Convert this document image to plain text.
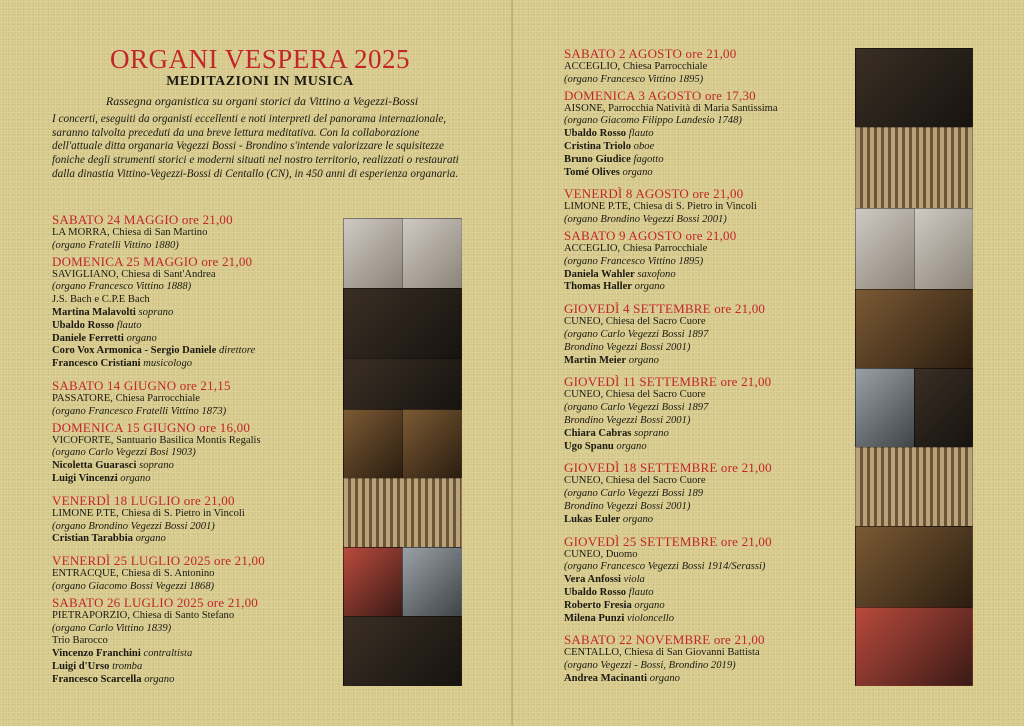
ORGANI VESPERA 2025
MEDITAZIONI IN MUSICA
Rassegna organistica su organi storici da Vittino a Vegezzi-Bossi
I concerti, eseguiti da organisti eccellenti e noti interpreti del panorama internazionale, saranno talvolta preceduti da una breve lettura meditativa. Con la collaborazione dell'attuale ditta organaria Vegezzi Bossi - Brondino s'intende valorizzare le squisitezze foniche degli strumenti storici e moderni situati nel nostro territorio, realizzati o restaurati dalla dinastia Vittino-Vegezzi-Bossi di Centallo (CN), in 450 anni di esperienza organaria.
SABATO 24 MAGGIO ore 21,00
LA MORRA, Chiesa di San Martino
(organo Fratelli Vittino 1880)
DOMENICA 25 MAGGIO ore 21,00
SAVIGLIANO, Chiesa di Sant'Andrea
(organo Francesco Vittino 1888)
J.S. Bach e C.P.E Bach
Martina Malavolti soprano
Ubaldo Rosso flauto
Daniele Ferretti organo
Coro Vox Armonica - Sergio Daniele direttore
Francesco Cristiani musicologo
SABATO 14 GIUGNO ore 21,15
PASSATORE, Chiesa Parrocchiale
(organo Francesco Fratelli Vittino 1873)
DOMENICA 15 GIUGNO ore 16,00
VICOFORTE, Santuario Basilica Montis Regalis
(organo Carlo Vegezzi Bosi 1903)
Nicoletta Guarasci soprano
Luigi Vincenzi organo
VENERDÌ 18 LUGLIO ore 21,00
LIMONE P.TE, Chiesa di S. Pietro in Vincoli
(organo Brondino Vegezzi Bossi 2001)
Cristian Tarabbia organo
VENERDÌ 25 LUGLIO 2025 ore 21,00
ENTRACQUE, Chiesa di S. Antonino
(organo Giacomo Bossi Vegezzi 1868)
SABATO 26 LUGLIO 2025 ore 21,00
PIETRAPORZIO, Chiesa di Santo Stefano
(organo Carlo Vittino 1839)
Trio Barocco
Vincenzo Franchini contraltista
Luigi d'Urso tromba
Francesco Scarcella organo
SABATO 2 AGOSTO ore 21,00
ACCEGLIO, Chiesa Parrocchiale
(organo Francesco Vittino 1895)
DOMENICA 3 AGOSTO ore 17,30
AISONE, Parrocchia Natività di Maria Santissima
(organo Giacomo Filippo Landesio 1748)
Ubaldo Rosso flauto
Cristina Triolo oboe
Bruno Giudice fagotto
Tomé Olives organo
VENERDÌ 8 AGOSTO ore 21,00
LIMONE P.TE, Chiesa di S. Pietro in Vincoli
(organo Brondino Vegezzi Bossi 2001)
SABATO 9 AGOSTO ore 21,00
ACCEGLIO, Chiesa Parrocchiale
(organo Francesco Vittino 1895)
Daniela Wahler saxofono
Thomas Haller organo
GIOVEDÌ 4 SETTEMBRE ore 21,00
CUNEO, Chiesa del Sacro Cuore
(organo Carlo Vegezzi Bossi 1897
Brondino Vegezzi Bossi 2001)
Martin Meier organo
GIOVEDÌ 11 SETTEMBRE ore 21,00
CUNEO, Chiesa del Sacro Cuore
(organo Carlo Vegezzi Bossi 1897
Brondino Vegezzi Bossi 2001)
Chiara Cabras soprano
Ugo Spanu organo
GIOVEDÌ 18 SETTEMBRE ore 21,00
CUNEO, Chiesa del Sacro Cuore
(organo Carlo Vegezzi Bossi 189
Brondino Vegezzi Bossi 2001)
Lukas Euler organo
GIOVEDÌ 25 SETTEMBRE ore 21,00
CUNEO, Duomo
(organo Francesco Vegezzi Bossi 1914/Serassi)
Vera Anfossi viola
Ubaldo Rosso flauto
Roberto Fresia organo
Milena Punzi violoncello
SABATO 22 NOVEMBRE ore 21,00
CENTALLO, Chiesa di San Giovanni Battista
(organo Vegezzi - Bossi, Brondino 2019)
Andrea Macinanti organo
